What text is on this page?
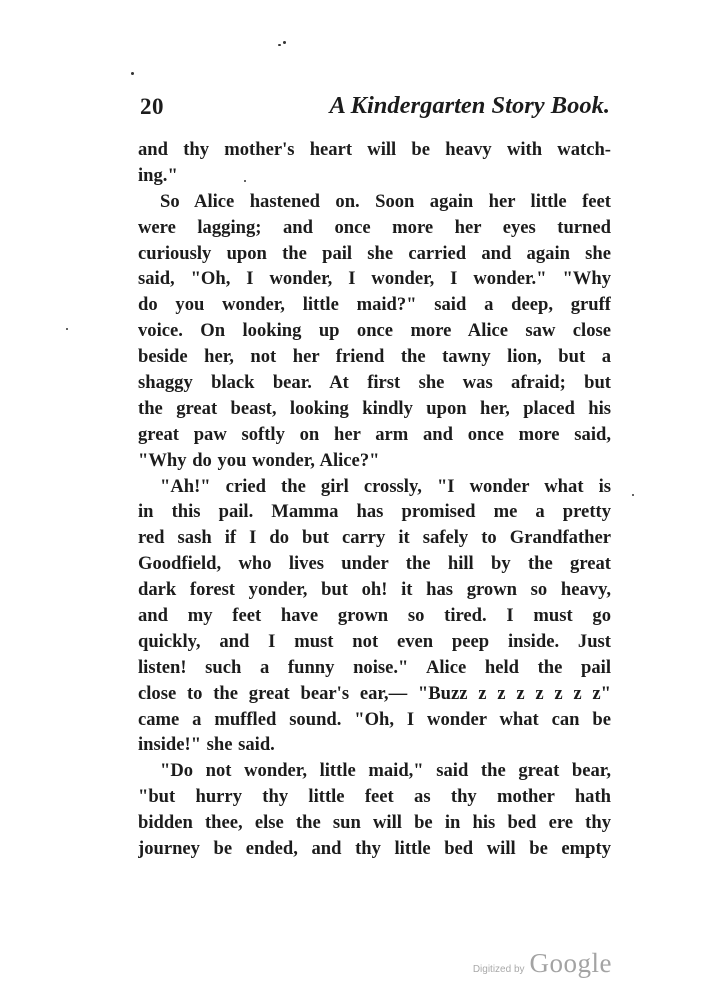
20	A Kindergarten Story Book.
and thy mother's heart will be heavy with watch-
ing."
So Alice hastened on. Soon again her little feet
were lagging; and once more her eyes turned
curiously upon the pail she carried and again she
said, "Oh, I wonder, I wonder, I wonder." "Why
do you wonder, little maid?" said a deep, gruff
voice. On looking up once more Alice saw close
beside her, not her friend the tawny lion, but a
shaggy black bear. At first she was afraid; but
the great beast, looking kindly upon her, placed his
great paw softly on her arm and once more said,
"Why do you wonder, Alice?"
"Ah!" cried the girl crossly, "I wonder what is
in this pail. Mamma has promised me a pretty
red sash if I do but carry it safely to Grandfather
Goodfield, who lives under the hill by the great
dark forest yonder, but oh! it has grown so heavy,
and my feet have grown so tired. I must go
quickly, and I must not even peep inside. Just
listen! such a funny noise." Alice held the pail
close to the great bear's ear,— "Buzz z z z z z z z"
came a muffled sound. "Oh, I wonder what can be
inside!" she said.
"Do not wonder, little maid," said the great bear,
"but hurry thy little feet as thy mother hath
bidden thee, else the sun will be in his bed ere thy
journey be ended, and thy little bed will be empty
Digitized by Google
